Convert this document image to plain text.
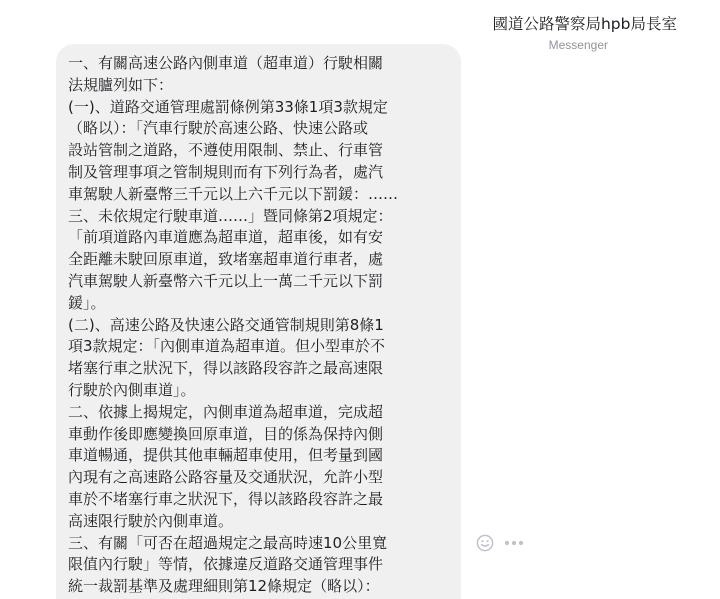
國道公路警察局hpb局長室
Messenger
一、有關高速公路內側車道（超車道）行駛相關
法規臚列如下：
(一)、道路交通管理處罰條例第33條1項3款規定
（略以）：「汽車行駛於高速公路、快速公路或
設站管制之道路，不遵使用限制、禁止、行車管
制及管理事項之管制規則而有下列行為者，處汽
車駕駛人新臺幣三千元以上六千元以下罰鍰：……
三、未依規定行駛車道……」暨同條第2項規定：
「前項道路內車道應為超車道，超車後，如有安
全距離未駛回原車道，致堵塞超車道行車者，處
汽車駕駛人新臺幣六千元以上一萬二千元以下罰
鍰」。
(二)、高速公路及快速公路交通管制規則第8條1
項3款規定：「內側車道為超車道。但小型車於不
堵塞行車之狀況下，得以該路段容許之最高速限
行駛於內側車道」。
二、依據上揭規定，內側車道為超車道，完成超
車動作後即應變換回原車道，目的係為保持內側
車道暢通，提供其他車輛超車使用，但考量到國
內現有之高速路公路容量及交通狀況，允許小型
車於不堵塞行車之狀況下，得以該路段容許之最
高速限行駛於內側車道。
三、有關「可否在超過規定之最高時速10公里寬
限值內行駛」等情，依據違反道路交通管理事件
統一裁罰基準及處理細則第12條規定（略以）：
